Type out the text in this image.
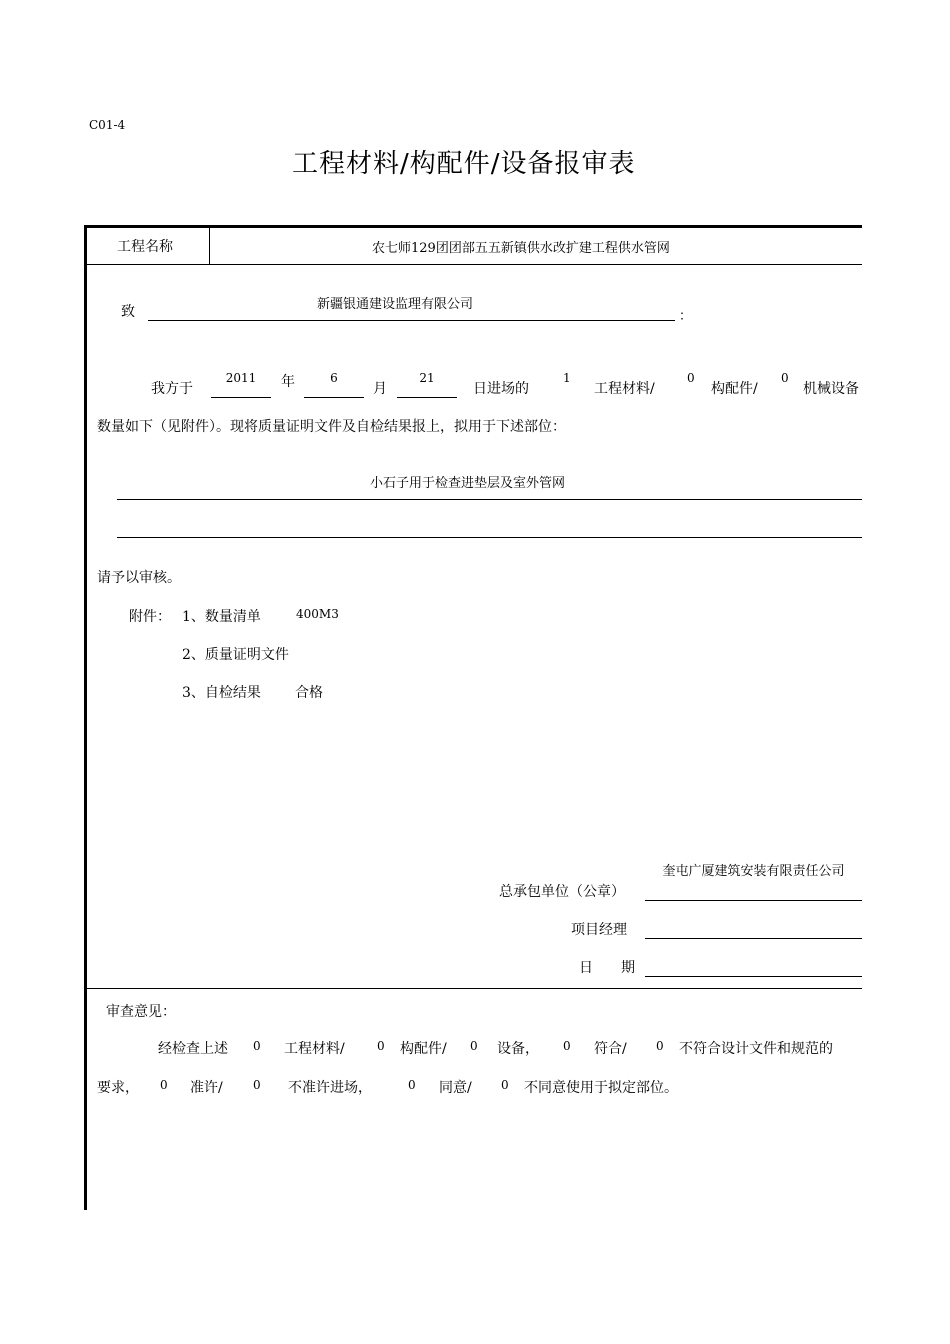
C01-4
工程材料/构配件/设备报审表
工程名称	农七师129团团部五五新镇供水改扩建工程供水管网
致	新疆银通建设监理有限公司
：
我方于
2011	年	6
月
21
日进场的
1
工程材料/
0
构配件/
0
机械设备
数量如下（见附件）。现将质量证明文件及自检结果报上，拟用于下述部位：
小石子用于检查进垫层及室外管网
请予以审核。
附件： 1、数量清单	400M3
2、质量证明文件
3、自检结果 合格
总承包单位（公章）
奎屯广厦建筑安装有限责任公司
项目经理
日　　期
审查意见：
经检查上述 0 工程材料/	0 构配件/ 0 设备， 0 符合/ 0 不符合设计文件和规范的
要求， 0 准许/	0 不准许进场，	0 同意/ 0 不同意使用于拟定部位。
